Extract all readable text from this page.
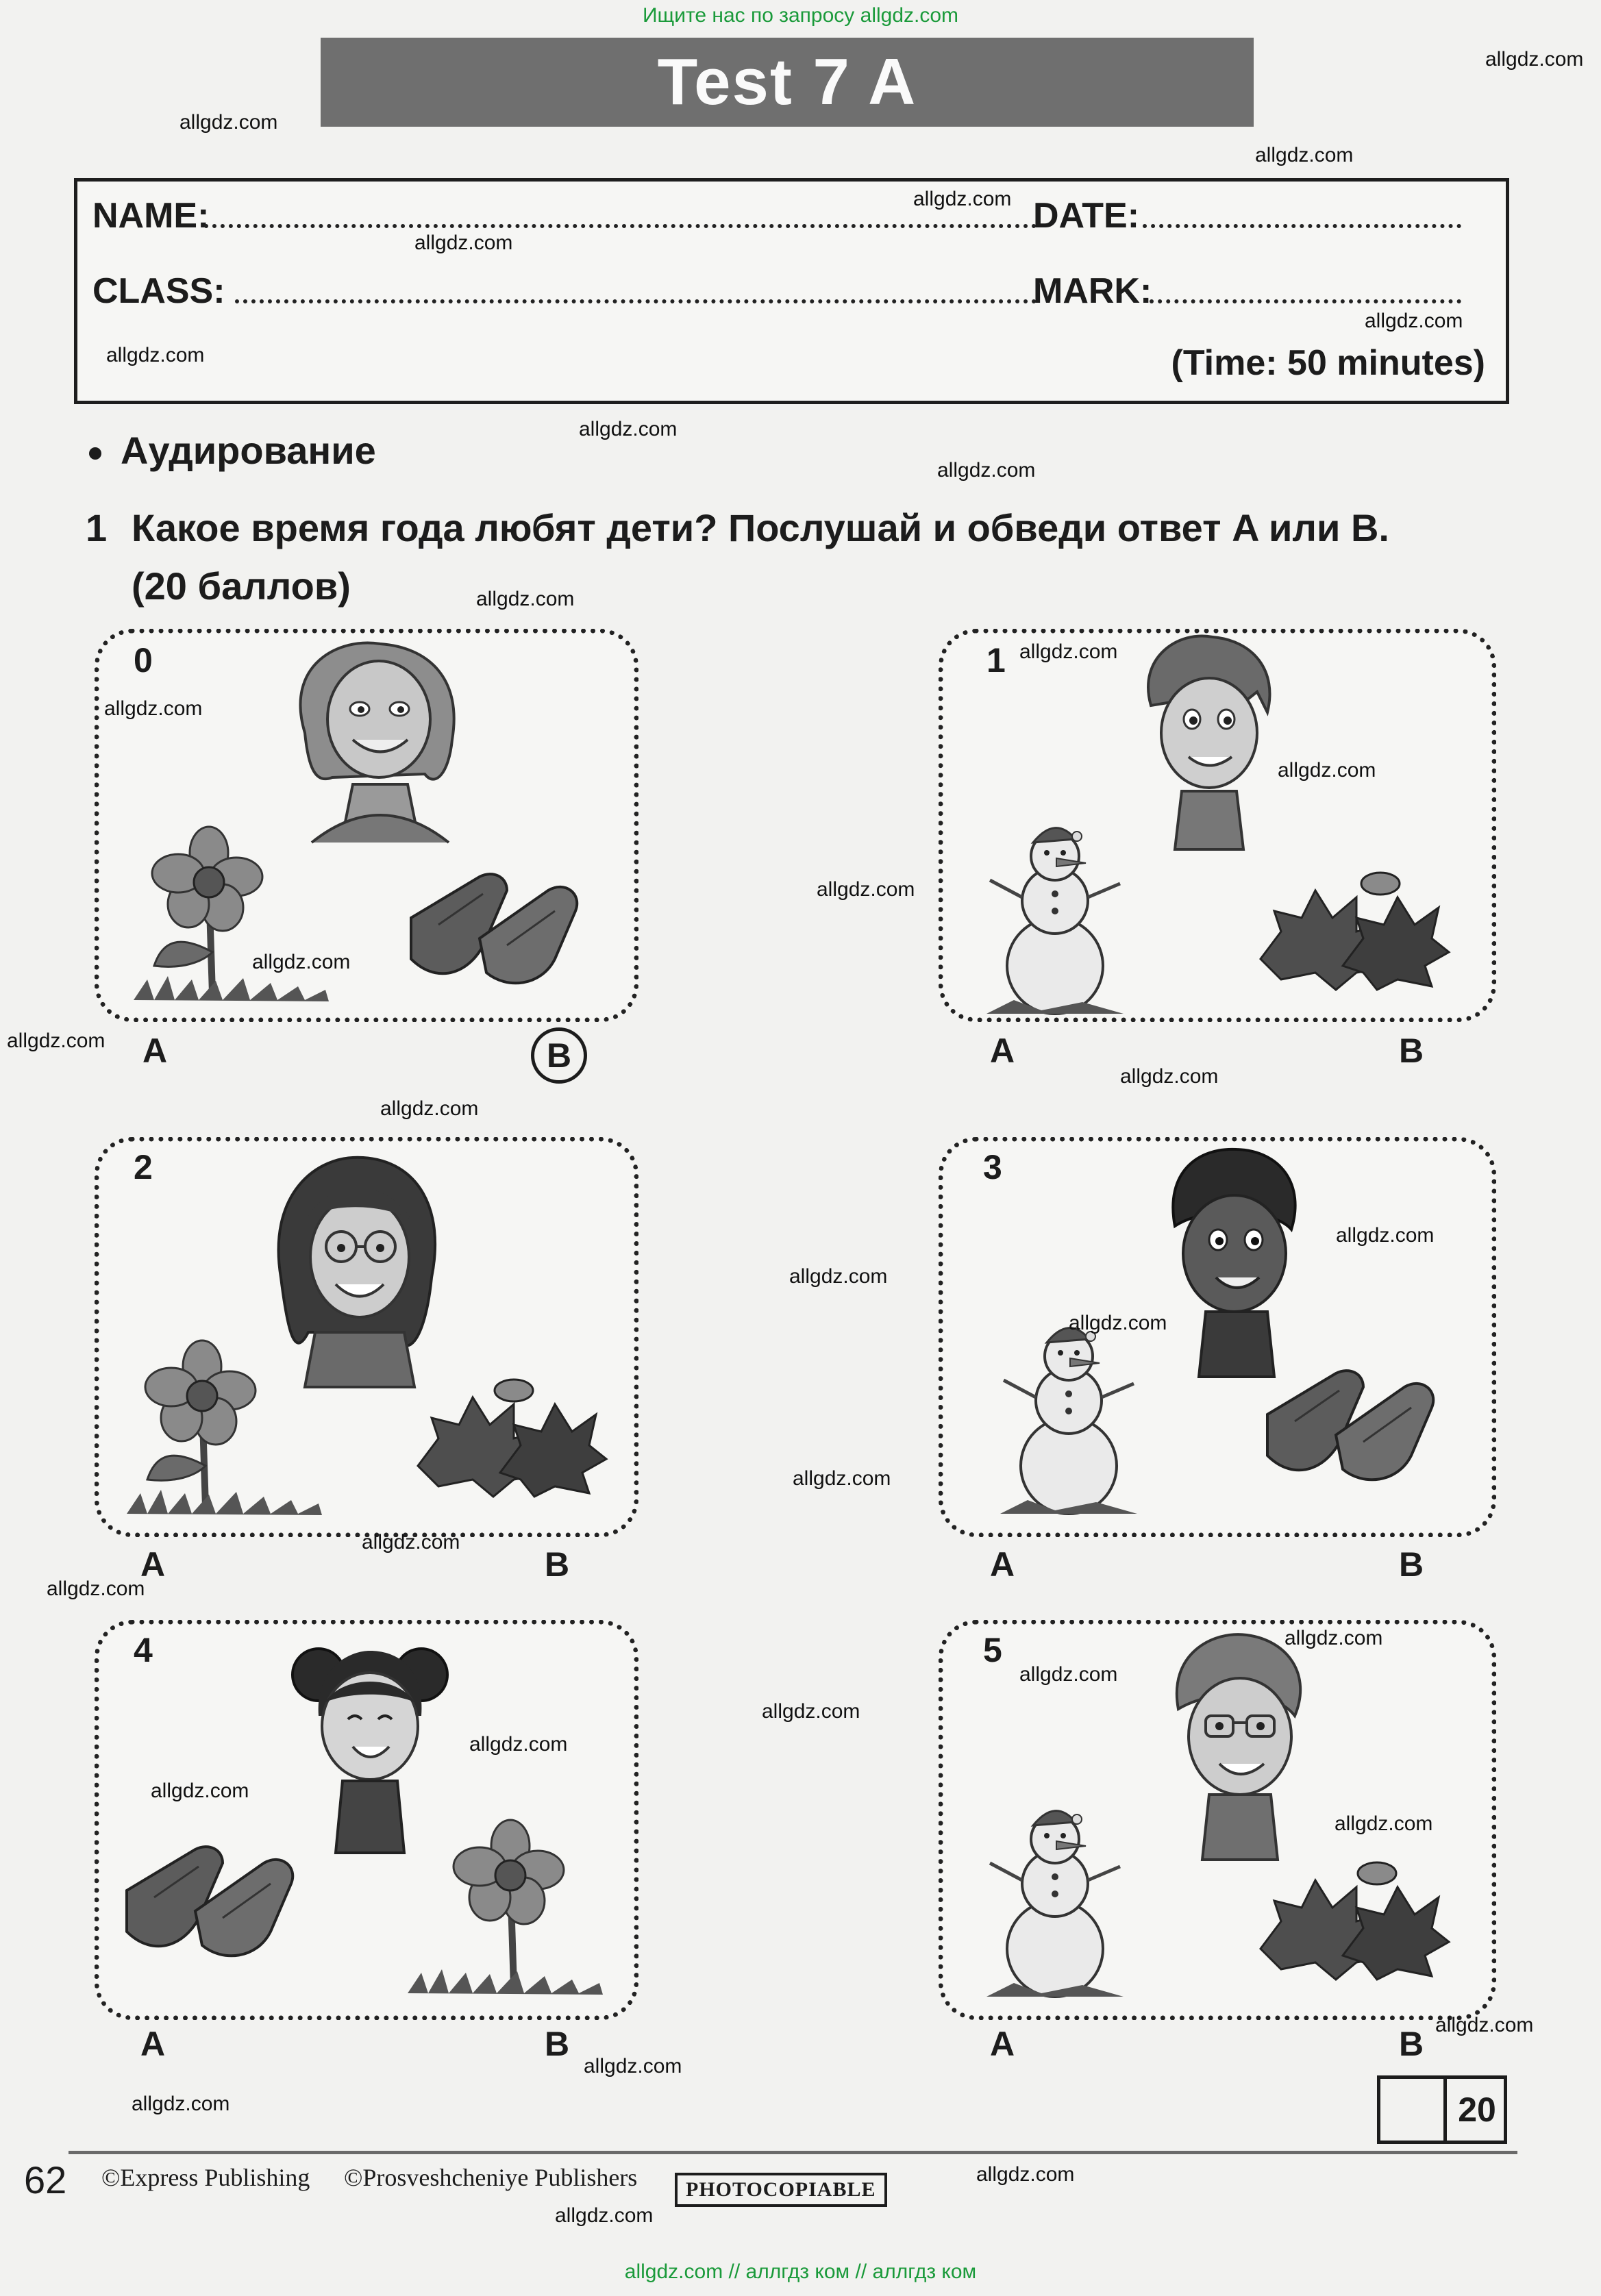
Ищите нас по запросу allgdz.com
allgdz.com // аллгдз ком // аллгдз ком
Test 7 A
NAME:	DATE:
CLASS:	MARK:
(Time: 50 minutes)
Аудирование
1 Какое время года любят дети? Послушай и обведи ответ A или B.
(20 баллов)
0
A	B
1
A	B
2
A	B
3
A	B
4
A	B
5
A	B
20
62 ©Express Publishing ©Prosveshcheniye Publishers	PHOTOCOPIABLE
allgdz.com
allgdz.com
allgdz.com
allgdz.com
allgdz.com
allgdz.com
allgdz.com
allgdz.com
allgdz.com
allgdz.com
allgdz.com
allgdz.com
allgdz.com
allgdz.com
allgdz.com
allgdz.com
allgdz.com
allgdz.com
allgdz.com
allgdz.com
allgdz.com
allgdz.com
allgdz.com
allgdz.com
allgdz.com
allgdz.com
allgdz.com
allgdz.com
allgdz.com
allgdz.com
allgdz.com
allgdz.com
allgdz.com
allgdz.com
allgdz.com
